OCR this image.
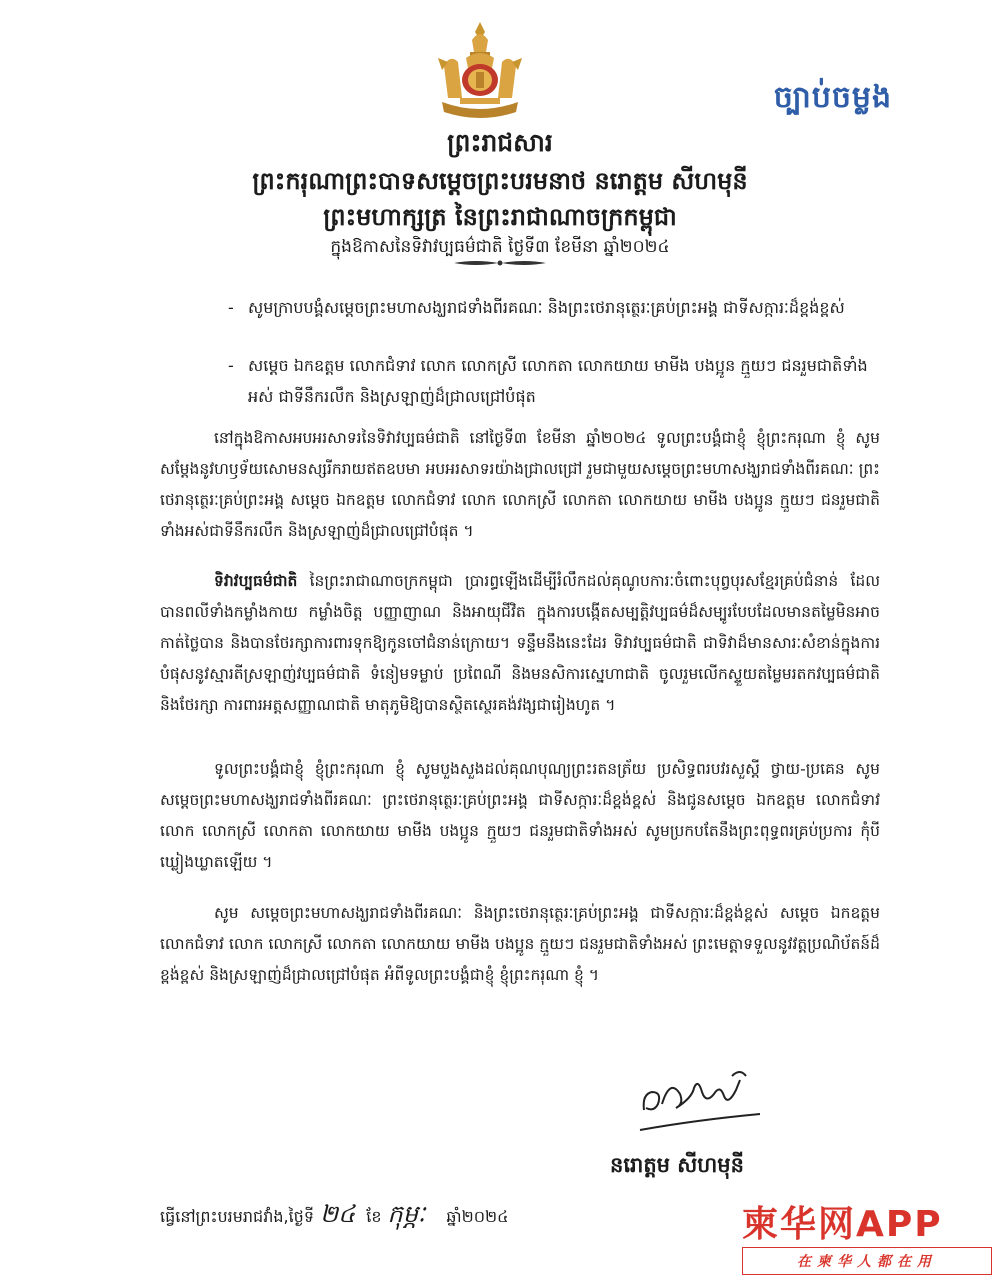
ច្បាប់ចម្លង
ព្រះរាជសារ
ព្រះករុណាព្រះបាទសម្ដេចព្រះបរមនាថ នរោត្តម សីហមុនី
ព្រះមហាក្សត្រ នៃព្រះរាជាណាចក្រកម្ពុជា
ក្នុងឱកាសនៃទិវាវប្បធម៌ជាតិ ថ្ងៃទី៣ ខែមីនា ឆ្នាំ២០២៤
- សូមក្រាបបង្គំសម្ដេចព្រះមហាសង្ឃរាជទាំងពីរគណៈ និងព្រះថេរានុត្ថេរៈគ្រប់ព្រះអង្គ ជាទីសក្ការៈដ៏ខ្ពង់ខ្ពស់
- សម្ដេច ឯកឧត្តម លោកជំទាវ លោក លោកស្រី លោកតា លោកយាយ មាមីង បងប្អូន ក្មួយៗ ជនរួមជាតិទាំងអស់ ជាទីនឹករលឹក និងស្រឡាញ់ដ៏ជ្រាលជ្រៅបំផុត
នៅក្នុងឱកាសអបអរសាទរនៃទិវាវប្បធម៌ជាតិ នៅថ្ងៃទី៣ ខែមីនា ឆ្នាំ២០២៤ ទូលព្រះបង្គំជាខ្ញុំ ខ្ញុំព្រះករុណា ខ្ញុំ សូមសម្ដែងនូវហឫទ័យសោមនស្សរីករាយឥតឧបមា អបអរសាទរយ៉ាងជ្រាលជ្រៅ រួមជាមួយសម្ដេចព្រះមហាសង្ឃរាជទាំងពីរគណៈ ព្រះថេរានុត្ថេរៈគ្រប់ព្រះអង្គ សម្ដេច ឯកឧត្តម លោកជំទាវ លោក លោកស្រី លោកតា លោកយាយ មាមីង បងប្អូន ក្មួយៗ ជនរួមជាតិទាំងអស់ជាទីនឹករលឹក និងស្រឡាញ់ដ៏ជ្រាលជ្រៅបំផុត ។
ទិវាវប្បធម៌ជាតិ នៃព្រះរាជាណាចក្រកម្ពុជា ប្រារព្ធឡើងដើម្បីរំលឹកដល់គុណូបការៈចំពោះបុព្វបុរសខ្មែរគ្រប់ជំនាន់ ដែលបានពលីទាំងកម្លាំងកាយ កម្លាំងចិត្ត បញ្ញាញាណ និងអាយុជីវិត ក្នុងការបង្កើតសម្បត្តិវប្បធម៌ដ៏សម្បូរបែបដែលមានតម្លៃមិនអាចកាត់ថ្លៃបាន និងបានថែរក្សាការពារទុកឱ្យកូនចៅជំនាន់ក្រោយ។ ទន្ទឹមនឹងនេះដែរ ទិវាវប្បធម៌ជាតិ ជាទិវាដ៏មានសារៈសំខាន់ក្នុងការបំផុសនូវស្មារតីស្រឡាញ់វប្បធម៌ជាតិ ទំនៀមទម្លាប់ ប្រពៃណី និងមនសិការស្នេហាជាតិ ចូលរួមលើកស្ទួយតម្លៃមរតកវប្បធម៌ជាតិ និងថែរក្សា ការពារអត្តសញ្ញាណជាតិ មាតុភូមិឱ្យបានស្ថិតស្ថេរគង់វង្សជារៀងហូត ។
ទូលព្រះបង្គំជាខ្ញុំ ខ្ញុំព្រះករុណា ខ្ញុំ សូមបួងសួងដល់គុណបុណ្យព្រះរតនត្រ័យ ប្រសិទ្ធពរបវរសួស្ដី ថ្វាយ-ប្រគេន សូមសម្ដេចព្រះមហាសង្ឃរាជទាំងពីរគណៈ ព្រះថេរានុត្ថេរៈគ្រប់ព្រះអង្គ ជាទីសក្ការៈដ៏ខ្ពង់ខ្ពស់ និងជូនសម្ដេច ឯកឧត្តម លោកជំទាវ លោក លោកស្រី លោកតា លោកយាយ មាមីង បងប្អូន ក្មួយៗ ជនរួមជាតិទាំងអស់ សូមប្រកបតែនឹងព្រះពុទ្ធពរគ្រប់ប្រការ កុំបីឃ្លៀងឃ្លាតឡើយ ។
សូម សម្ដេចព្រះមហាសង្ឃរាជទាំងពីរគណៈ និងព្រះថេរានុត្ថេរៈគ្រប់ព្រះអង្គ ជាទីសក្ការៈដ៏ខ្ពង់ខ្ពស់ សម្ដេច ឯកឧត្តម លោកជំទាវ លោក លោកស្រី លោកតា លោកយាយ មាមីង បងប្អូន ក្មួយៗ ជនរួមជាតិទាំងអស់ ព្រះមេត្តាទទួលនូវវត្តប្រណិប័តន៍ដ៏ខ្ពង់ខ្ពស់ និងស្រឡាញ់ដ៏ជ្រាលជ្រៅបំផុត អំពីទូលព្រះបង្គំជាខ្ញុំ ខ្ញុំព្រះករុណា ខ្ញុំ ។
នរោត្តម សីហមុនី
ធ្វើនៅព្រះបរមរាជវាំង,ថ្ងៃទី ២៤ ខែ កុម្ភៈ ឆ្នាំ២០២៤	柬华网APP
在柬华人都在用
